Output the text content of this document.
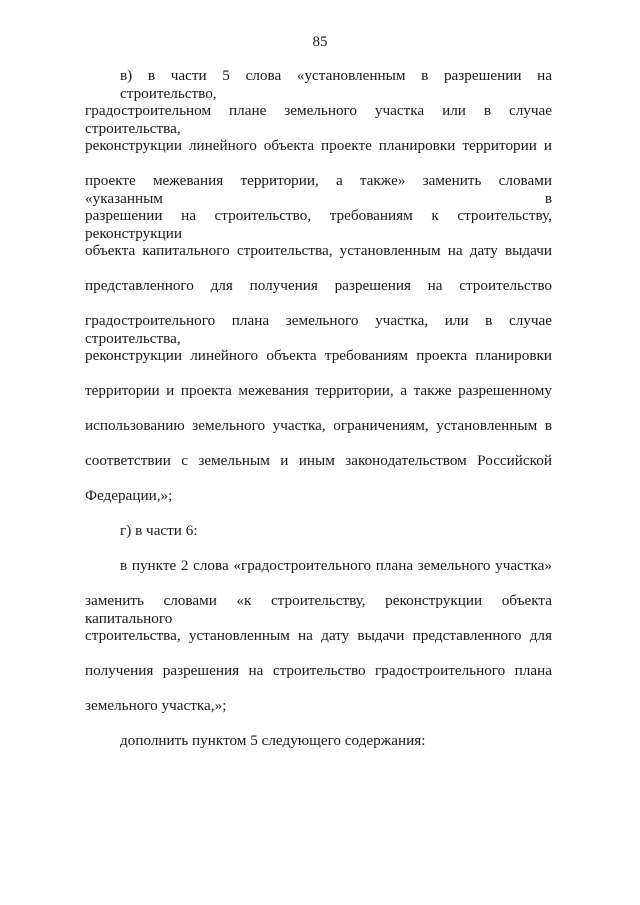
85
в) в части 5 слова «установленным в разрешении на строительство,
градостроительном плане земельного участка или в случае строительства,
реконструкции линейного объекта проекте планировки территории и
проекте межевания территории, а также» заменить словами «указанным в
разрешении на строительство, требованиям к строительству, реконструкции
объекта капитального строительства, установленным на дату выдачи
представленного для получения разрешения на строительство
градостроительного плана земельного участка, или в случае строительства,
реконструкции линейного объекта требованиям проекта планировки
территории и проекта межевания территории, а также разрешенному
использованию земельного участка, ограничениям, установленным в
соответствии с земельным и иным законодательством Российской
Федерации,»;
г) в части 6:
в пункте 2 слова «градостроительного плана земельного участка»
заменить словами «к строительству, реконструкции объекта капитального
строительства, установленным на дату выдачи представленного для
получения разрешения на строительство градостроительного плана
земельного участка,»;
дополнить пунктом 5 следующего содержания:
